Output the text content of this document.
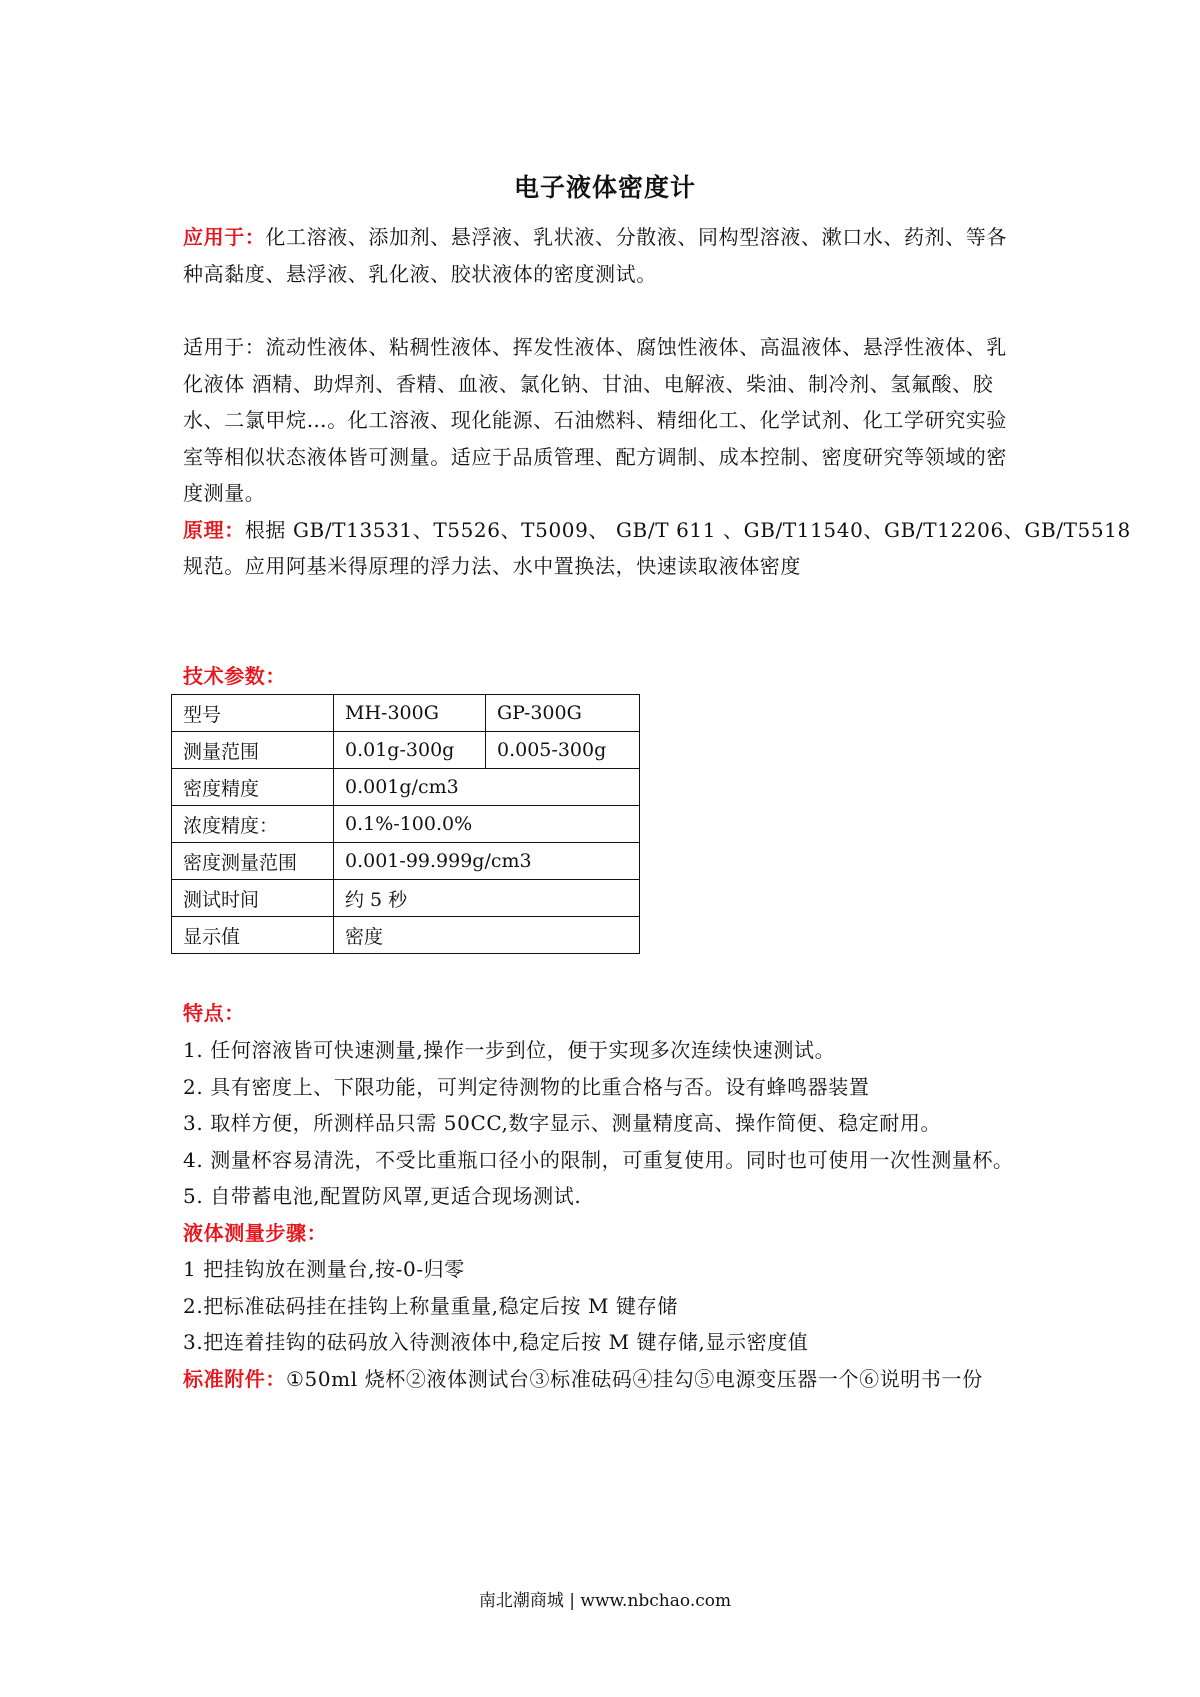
电子液体密度计
应用于：化工溶液、添加剂、悬浮液、乳状液、分散液、同构型溶液、漱口水、药剂、等各
种高黏度、悬浮液、乳化液、胶状液体的密度测试。
适用于：流动性液体、粘稠性液体、挥发性液体、腐蚀性液体、高温液体、悬浮性液体、乳
化液体 酒精、助焊剂、香精、血液、氯化钠、甘油、电解液、柴油、制冷剂、氢氟酸、胶
水、二氯甲烷…。化工溶液、现化能源、石油燃料、精细化工、化学试剂、化工学研究实验
室等相似状态液体皆可测量。适应于品质管理、配方调制、成本控制、密度研究等领域的密
度测量。
原理：根据 GB/T13531、T5526、T5009、 GB/T 611 、GB/T11540、GB/T12206、GB/T5518
规范。应用阿基米得原理的浮力法、水中置换法，快速读取液体密度
技术参数：
型号	MH-300G	GP-300G
测量范围	0.01g-300g	0.005-300g
密度精度	0.001g/cm3	
浓度精度：	0.1%-100.0%	
密度测量范围	0.001-99.999g/cm3	
测试时间	约 5 秒	
显示值	密度	
特点：
1. 任何溶液皆可快速测量,操作一步到位，便于实现多次连续快速测试。
2. 具有密度上、下限功能，可判定待测物的比重合格与否。设有蜂鸣器装置
3. 取样方便，所测样品只需 50CC,数字显示、测量精度高、操作简便、稳定耐用。
4. 测量杯容易清洗，不受比重瓶口径小的限制，可重复使用。同时也可使用一次性测量杯。
5. 自带蓄电池,配置防风罩,更适合现场测试.
液体测量步骤：
1 把挂钩放在测量台,按-0-归零
2.把标准砝码挂在挂钩上称量重量,稳定后按 M 键存储
3.把连着挂钩的砝码放入待测液体中,稳定后按 M 键存储,显示密度值
标准附件：①50ml 烧杯②液体测试台③标准砝码④挂勾⑤电源变压器一个⑥说明书一份
南北潮商城 | www.nbchao.com
